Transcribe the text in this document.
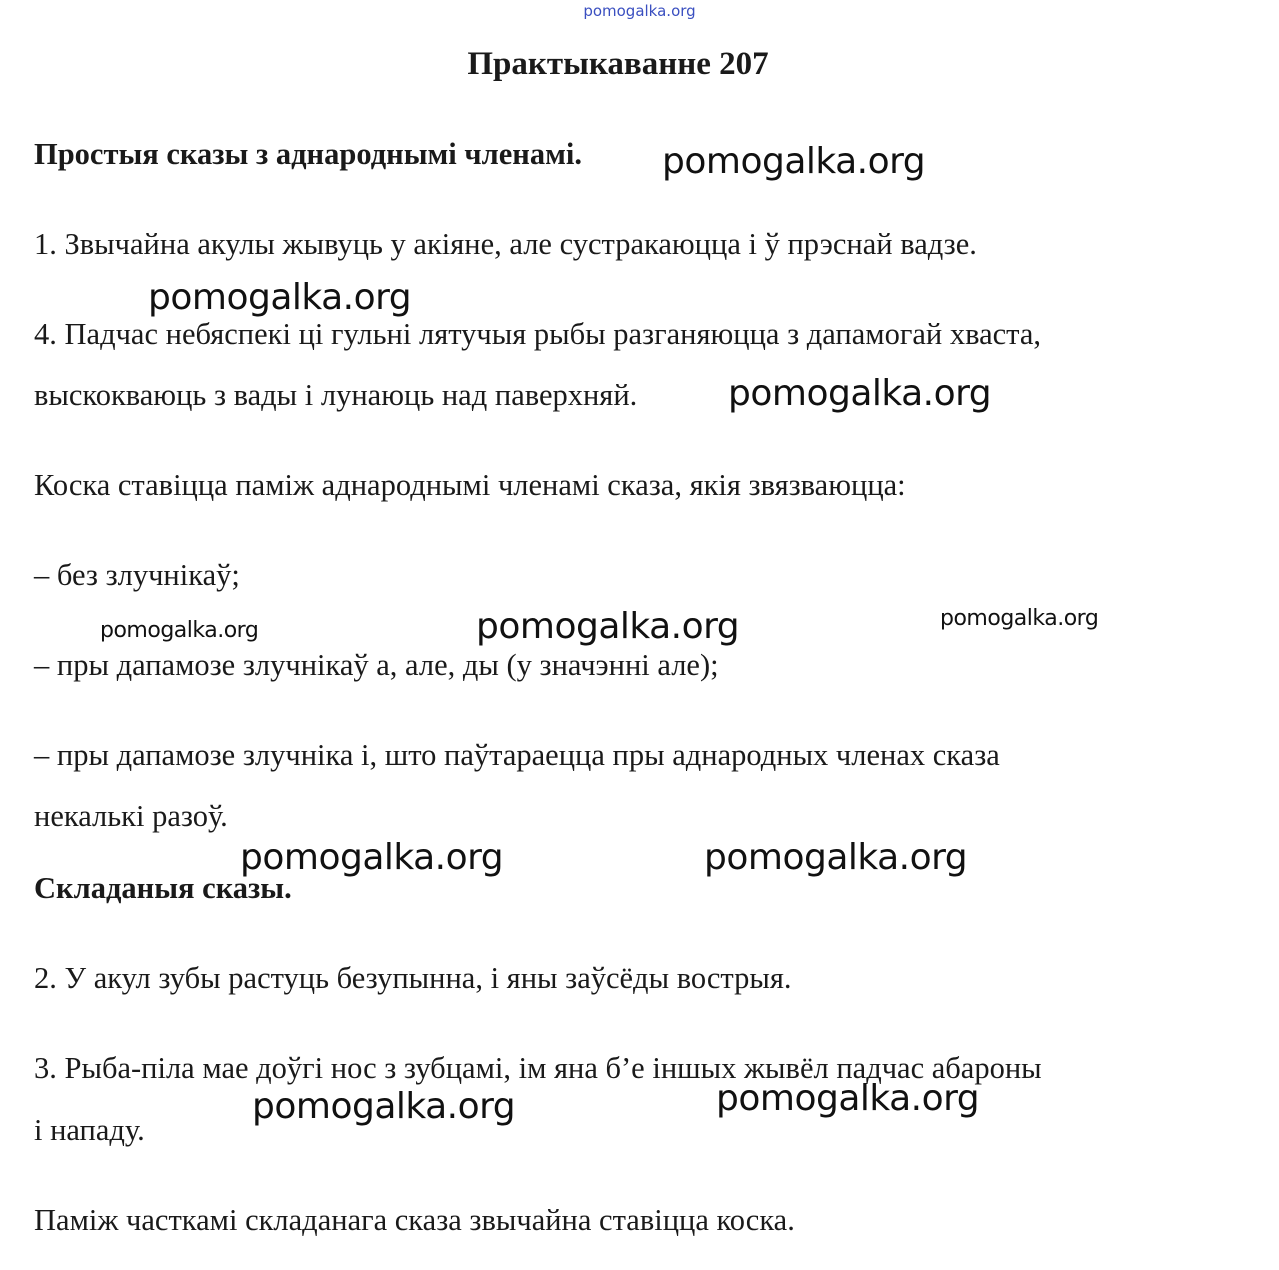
pomogalka.org
Практыкаванне 207

Простыя сказы з аднароднымі членамі.

1. Звычайна акулы жывуць у акіяне, але сустракаюцца і ў прэснай вадзе.

4. Падчас небяспекі ці гульні лятучыя рыбы разганяюцца з дапамогай хваста,

выскокваюць з вады і лунаюць над паверхняй.

Коска ставіцца паміж аднароднымі членамі сказа, якія звязваюцца:

– без злучнікаў;

– пры дапамозе злучнікаў а, але, ды (у значэнні але);

– пры дапамозе злучніка і, што паўтараецца пры аднародных членах сказа

некалькі разоў.

Складаныя сказы.

2. У акул зубы растуць безупынна, і яны заўсёды вострыя.

3. Рыба-піла мае доўгі нос з зубцамі, ім яна б’е іншых жывёл падчас абароны

і нападу.

Паміж часткамі складанага сказа звычайна ставіцца коска.

pomogalka.org
pomogalka.org
pomogalka.org
pomogalka.org	pomogalka.org	pomogalka.org
pomogalka.org	pomogalka.org
pomogalka.org	pomogalka.org
